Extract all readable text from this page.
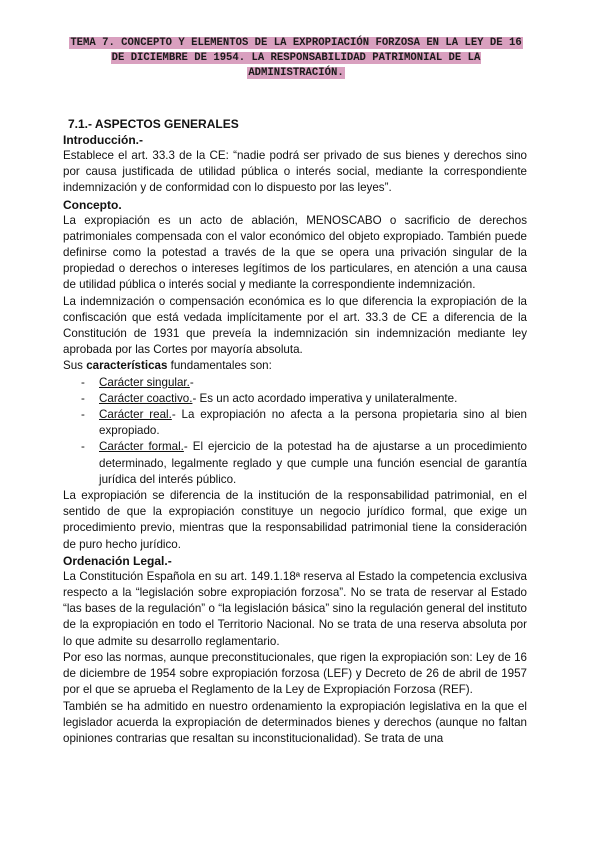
TEMA 7. CONCEPTO Y ELEMENTOS DE LA EXPROPIACIÓN FORZOSA EN LA LEY DE 16 DE DICIEMBRE DE 1954. LA RESPONSABILIDAD PATRIMONIAL DE LA ADMINISTRACIÓN.
7.1.- ASPECTOS GENERALES
Introducción.-

Establece el art. 33.3 de la CE: “nadie podrá ser privado de sus bienes y derechos sino por causa justificada de utilidad pública o interés social, mediante la correspondiente indemnización y de conformidad con lo dispuesto por las leyes”.

Concepto.

La expropiación es un acto de ablación, MENOSCABO o sacrificio de derechos patrimoniales compensada con el valor económico del objeto expropiado. También puede definirse como la potestad a través de la que se opera una privación singular de la propiedad o derechos o intereses legítimos de los particulares, en atención a una causa de utilidad pública o interés social y mediante la correspondiente indemnización.

La indemnización o compensación económica es lo que diferencia la expropiación de la confiscación que está vedada implícitamente por el art. 33.3 de CE a diferencia de la Constitución de 1931 que preveía la indemnización sin indemnización mediante ley aprobada por las Cortes por mayoría absoluta.

Sus características fundamentales son:

- Carácter singular.-
- Carácter coactivo.- Es un acto acordado imperativa y unilateralmente.
- Carácter real.- La expropiación no afecta a la persona propietaria sino al bien expropiado.
- Carácter formal.- El ejercicio de la potestad ha de ajustarse a un procedimiento determinado, legalmente reglado y que cumple una función esencial de garantía jurídica del interés público.

La expropiación se diferencia de la institución de la responsabilidad patrimonial, en el sentido de que la expropiación constituye un negocio jurídico formal, que exige un procedimiento previo, mientras que la responsabilidad patrimonial tiene la consideración de puro hecho jurídico.

Ordenación Legal.-

La Constitución Española en su art. 149.1.18ª reserva al Estado la competencia exclusiva respecto a la “legislación sobre expropiación forzosa”. No se trata de reservar al Estado “las bases de la regulación” o “la legislación básica” sino la regulación general del instituto de la expropiación en todo el Territorio Nacional. No se trata de una reserva absoluta por lo que admite su desarrollo reglamentario.

Por eso las normas, aunque preconstitucionales, que rigen la expropiación son: Ley de 16 de diciembre de 1954 sobre expropiación forzosa (LEF) y Decreto de 26 de abril de 1957 por el que se aprueba el Reglamento de la Ley de Expropiación Forzosa (REF).

También se ha admitido en nuestro ordenamiento la expropiación legislativa en la que el legislador acuerda la expropiación de determinados bienes y derechos (aunque no faltan opiniones contrarias que resaltan su inconstitucionalidad). Se trata de una
